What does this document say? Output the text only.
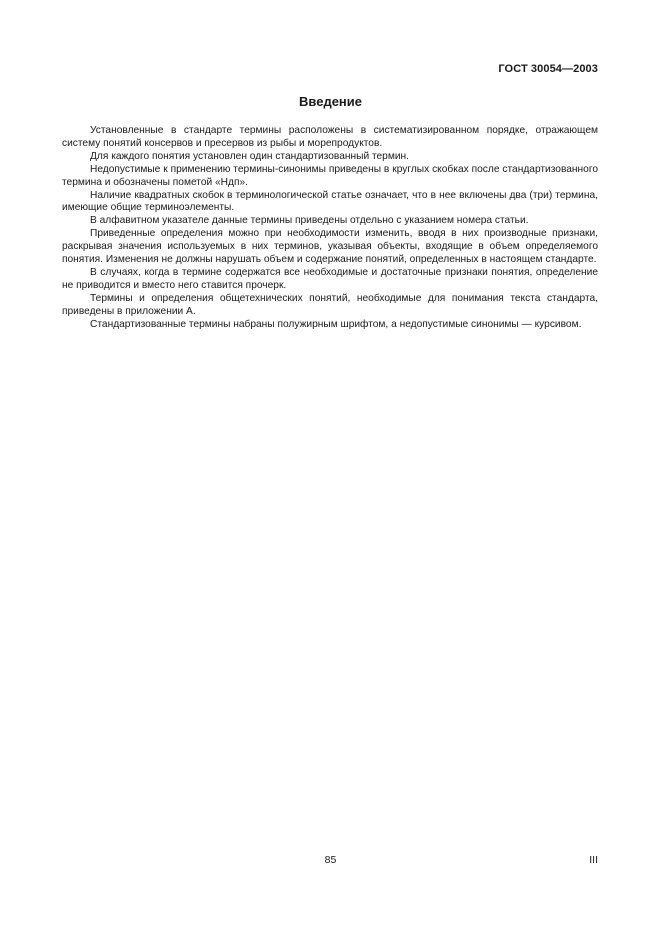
ГОСТ 30054—2003
Введение

Установленные в стандарте термины расположены в систематизированном порядке, отражающем систему понятий консервов и пресервов из рыбы и морепродуктов.

Для каждого понятия установлен один стандартизованный термин.

Недопустимые к применению термины-синонимы приведены в круглых скобках после стандартизованного термина и обозначены пометой «Ндп».

Наличие квадратных скобок в терминологической статье означает, что в нее включены два (три) термина, имеющие общие терминоэлементы.

В алфавитном указателе данные термины приведены отдельно с указанием номера статьи.

Приведенные определения можно при необходимости изменить, вводя в них производные признаки, раскрывая значения используемых в них терминов, указывая объекты, входящие в объем определяемого понятия. Изменения не должны нарушать объем и содержание понятий, определенных в настоящем стандарте.

В случаях, когда в термине содержатся все необходимые и достаточные признаки понятия, определение не приводится и вместо него ставится прочерк.

Термины и определения общетехнических понятий, необходимые для понимания текста стандарта, приведены в приложении А.

Стандартизованные термины набраны полужирным шрифтом, а недопустимые синонимы — курсивом.

85	III
